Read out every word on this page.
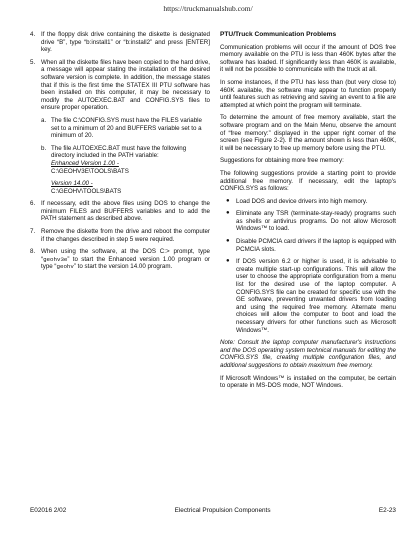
https://truckmanualshub.com/
4. If the floppy disk drive containing the diskette is designated drive “B”, type “b:install1” or “b:install2” and press [ENTER] key.
5. When all the diskette files have been copied to the hard drive, a message will appear stating the installation of the desired software version is complete. In addition, the message states that if this is the first time the STATEX III PTU software has been installed on this computer, it may be necessary to modify the AUTOEXEC.BAT and CONFIG.SYS files to ensure proper operation.
a. The file C:\CONFIG.SYS must have the FILES variable set to a minimum of 20 and BUFFERS variable set to a minimum of 20.
b. The file AUTOEXEC.BAT must have the following directory included in the PATH variable:
Enhanced Version 1.00 -
C:\GEOHV3E\TOOLS\BATS
Version 14.00 -
C:\GEOHV\TOOLS\BATS
6. If necessary, edit the above files using DOS to change the minimum FILES and BUFFERS variables and to add the PATH statement as described above.
7. Remove the diskette from the drive and reboot the computer if the changes described in step 5 were required.
8. When using the software, at the DOS C:> prompt, type “geohv3e” to start the Enhanced version 1.00 program or type “geohv” to start the version 14.00 program.
PTU/Truck Communication Problems

Communication problems will occur if the amount of DOS free memory available on the PTU is less than 460K bytes after the software has loaded. If significantly less than 460K is available, it will not be possible to communicate with the truck at all.

In some instances, if the PTU has less than (but very close to) 460K available, the software may appear to function properly until features such as retrieving and saving an event to a file are attempted at which point the program will terminate.

To determine the amount of free memory available, start the software program and on the Main Menu, observe the amount of “free memory:” displayed in the upper right corner of the screen (see Figure 2-2). If the amount shown is less than 460K, it will be necessary to free up memory before using the PTU.

Suggestions for obtaining more free memory:

The following suggestions provide a starting point to provide additional free memory. If necessary, edit the laptop's CONFIG.SYS as follows:

●	Load DOS and device drivers into high memory.
●	Eliminate any TSR (terminate-stay-ready) programs such as shells or antivirus programs. Do not allow Microsoft Windows™ to load.
●	Disable PCMCIA card drivers if the laptop is equipped with PCMCIA slots.
●	If DOS version 6.2 or higher is used, it is advisable to create multiple start-up configurations. This will allow the user to choose the appropriate configuration from a menu list for the desired use of the laptop computer. A CONFIG.SYS file can be created for specific use with the GE software, preventing unwanted drivers from loading and using the required free memory. Alternate menu choices will allow the computer to boot and load the necessary drivers for other functions such as Microsoft Windows™.

Note: Consult the laptop computer manufacturer's instructions and the DOS operating system technical manuals for editing the CONFIG.SYS file, creating multiple configuration files, and additional suggestions to obtain maximum free memory.

If Microsoft Windows™ is installed on the computer, be certain to operate in MS-DOS mode, NOT Windows.

E02016 2/02	Electrical Propulsion Components	E2-23
